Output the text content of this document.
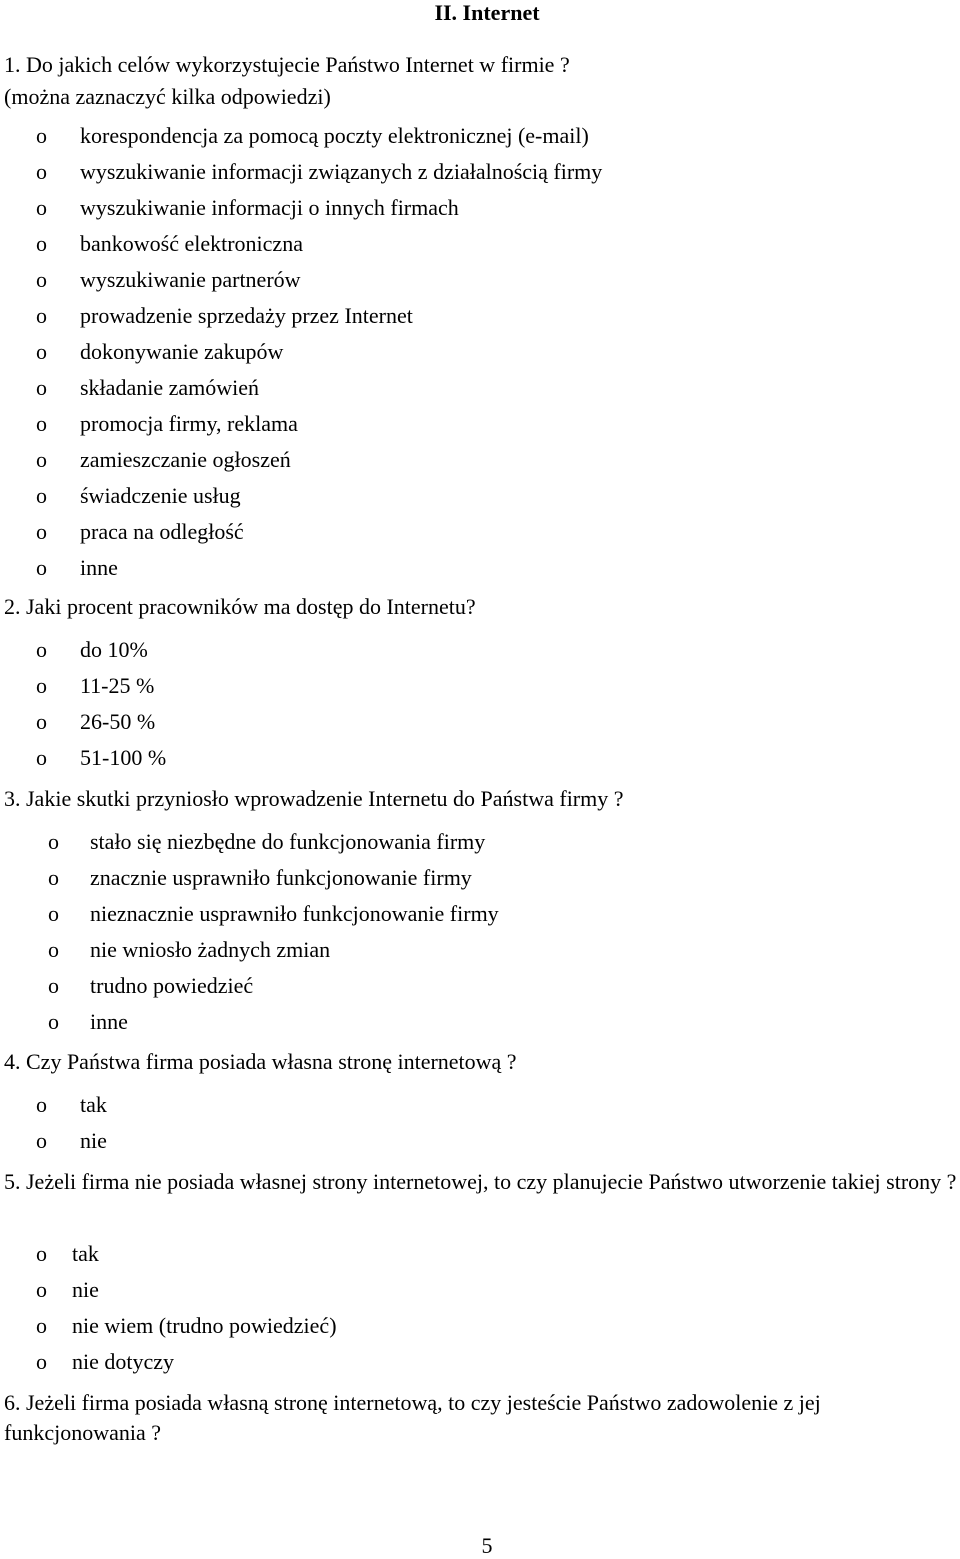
II. Internet

1. Do jakich celów wykorzystujecie Państwo Internet w firmie ?

(można zaznaczyć kilka odpowiedzi)

o korespondencja za pomocą poczty elektronicznej (e-mail)
o wyszukiwanie informacji związanych z działalnością firmy
o wyszukiwanie informacji o innych firmach
o bankowość elektroniczna
o wyszukiwanie partnerów
o prowadzenie sprzedaży przez Internet
o dokonywanie zakupów
o składanie zamówień
o promocja firmy, reklama
o zamieszczanie ogłoszeń
o świadczenie usług
o praca na odległość
o inne

2. Jaki procent pracowników ma dostęp do Internetu?

o do 10%
o 11-25 %
o 26-50 %
o 51-100 %

3. Jakie skutki przyniosło wprowadzenie Internetu do Państwa firmy ?

o stało się niezbędne do funkcjonowania firmy
o znacznie usprawniło funkcjonowanie firmy
o nieznacznie usprawniło funkcjonowanie firmy
o nie wniosło żadnych zmian
o trudno powiedzieć
o inne

4. Czy Państwa firma posiada własna stronę internetową ?

o tak
o nie

5. Jeżeli firma nie posiada własnej strony internetowej, to czy planujecie Państwo utworzenie takiej strony ?

o tak
o nie
o nie wiem (trudno powiedzieć)
o nie dotyczy

6. Jeżeli firma posiada własną stronę internetową, to czy jesteście Państwo zadowolenie z jej funkcjonowania ?

5
